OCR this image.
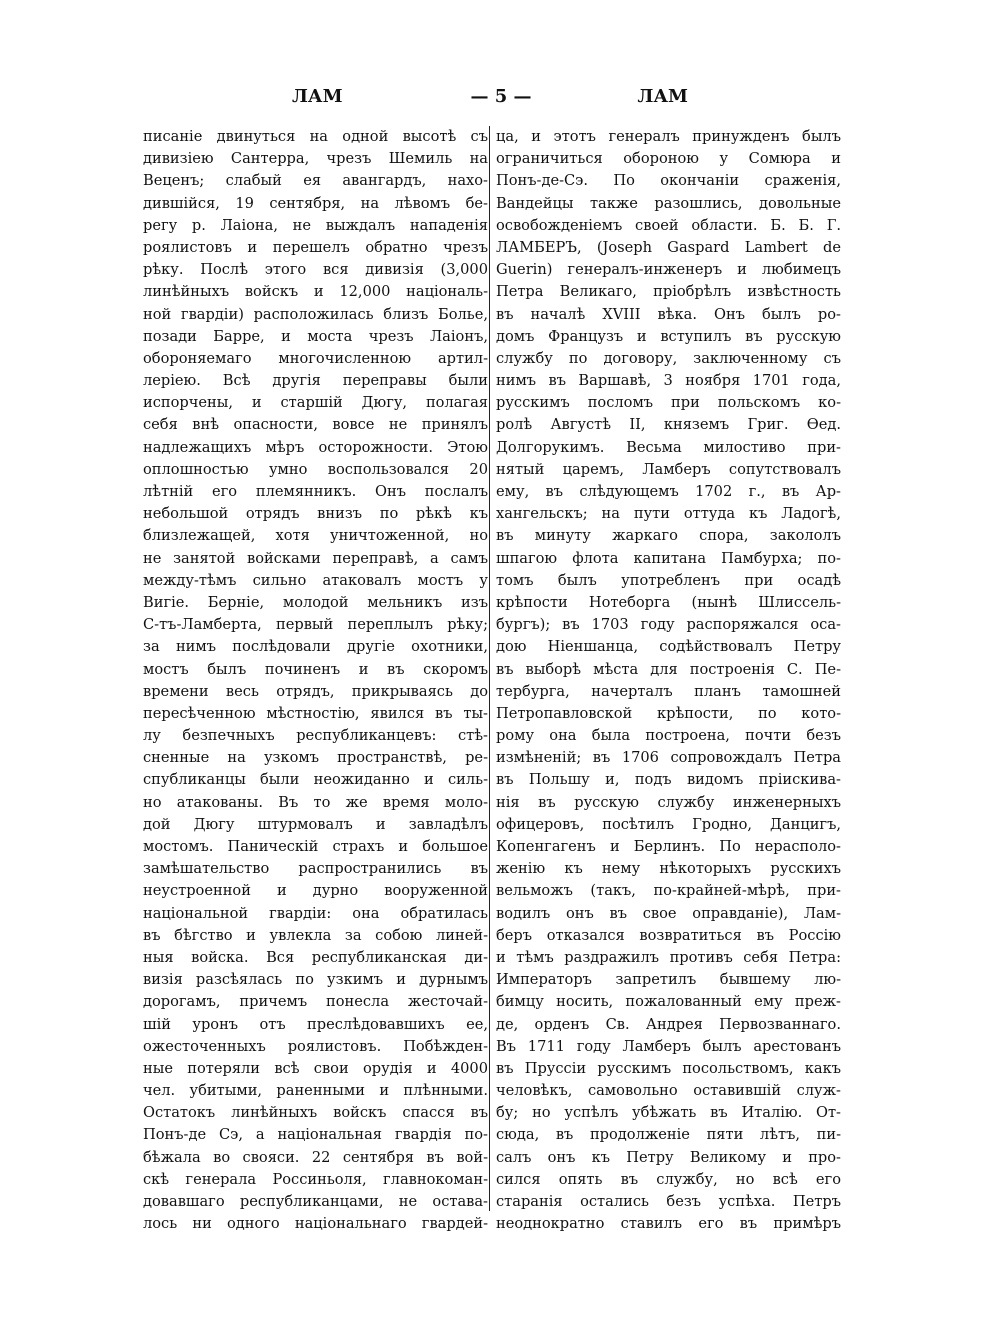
ЛАМ	— 5 —	ЛАМ
писаніе двинуться на одной высотѣ съ
дивизіею Сантерра, чрезъ Шемиль на
Веценъ; слабый ея авангардъ, нахо-
дившійся, 19 сентября, на лѣвомъ бе-
регу р. Лаіона, не выждалъ нападенія
роялистовъ и перешелъ обратно чрезъ
рѣку. Послѣ этого вся дивизія (3,000
линѣйныхъ войскъ и 12,000 національ-
ной гвардіи) расположилась близъ Больe,
позади Барре, и моста чрезъ Лаіонъ,
обороняемаго многочисленною артил-
леріею. Всѣ другія переправы были
испорчены, и старшій Дюгу, полагая
себя внѣ опасности, вовсе не принялъ
надлежащихъ мѣръ осторожности. Этою
оплошностью умно воспользовался 20
лѣтній его племянникъ. Онъ послалъ
небольшой отрядъ внизъ по рѣкѣ къ
близлежащей, хотя уничтоженной, но
не занятой войсками переправѣ, а самъ
между-тѣмъ сильно атаковалъ мостъ у
Вигіе. Берніе, молодой мельникъ изъ
С-тъ-Ламберта, первый переплылъ рѣку;
за нимъ послѣдовали другіе охотники,
мостъ былъ починенъ и въ скоромъ
времени весь отрядъ, прикрываясь до
пересѣченною мѣстностію, явился въ ты-
лу безпечныхъ республиканцевъ: стѣ-
сненные на узкомъ пространствѣ, ре-
спубликанцы были неожиданно и силь-
но атакованы. Въ то же время моло-
дой Дюгу штурмовалъ и завладѣлъ
мостомъ. Паническій страхъ и большое
замѣшательство распространились въ
неустроенной и дурно вооруженной
національной гвардіи: она обратилась
въ бѣгство и увлекла за собою линей-
ныя войска. Вся республиканская ди-
визія разсѣялась по узкимъ и дурнымъ
дорогамъ, причемъ понесла жесточай-
шій уронъ отъ преслѣдовавшихъ ее,
ожесточенныхъ роялистовъ. Побѣжден-
ные потеряли всѣ свои орудія и 4000
чел. убитыми, раненными и плѣнными.
Остатокъ линѣйныхъ войскъ спасся въ
Понъ-де Сэ, а національная гвардія по-
бѣжала во свояси. 22 сентября въ вой-
скѣ генерала Россиньоля, главнокоман-
довавшаго республиканцами, не остава-
лось ни одного національнаго гвардей-
ца, и этотъ генералъ принужденъ былъ
ограничиться обороною у Сомюра и
Понъ-де-Сэ. По окончаніи сраженія,
Вандейцы также разошлись, довольные
освобожденіемъ своей области. Б. Б. Г.
ЛАМБЕРЪ, (Joseph Gaspard Lambert de
Guerin) генералъ-инженеръ и любимецъ
Петра Великаго, пріобрѣлъ извѣстность
въ началѣ XVIII вѣка. Онъ былъ ро-
домъ Французъ и вступилъ въ русскую
службу по договору, заключенному съ
нимъ въ Варшавѣ, 3 ноября 1701 года,
русскимъ посломъ при польскомъ ко-
ролѣ Августѣ II, княземъ Григ. Ѳед.
Долгорукимъ. Весьма милостиво при-
нятый царемъ, Ламберъ сопутствовалъ
ему, въ слѣдующемъ 1702 г., въ Ар-
хангельскъ; на пути оттуда къ Ладогѣ,
въ минуту жаркаго спора, закололъ
шпагою флота капитана Памбурха; по-
томъ былъ употребленъ при осадѣ
крѣпости Нотеборга (нынѣ Шлиссель-
бургъ); въ 1703 году распоряжался оса-
дою Ніеншанца, содѣйствовалъ Петру
въ выборѣ мѣста для построенія С. Пе-
тербурга, начерталъ планъ тамошней
Петропавловской крѣпости, по кото-
рому она была построена, почти безъ
измѣненій; въ 1706 сопровождалъ Петра
въ Польшу и, подъ видомъ пріискива-
нія въ русскую службу инженерныхъ
офицеровъ, посѣтилъ Гродно, Данцигъ,
Копенгагенъ и Берлинъ. По нерасполо-
женію къ нему нѣкоторыхъ русскихъ
вельможъ (такъ, по-крайней-мѣрѣ, при-
водилъ онъ въ свое оправданіе), Лам-
беръ отказался возвратиться въ Россію
и тѣмъ раздражилъ противъ себя Петра:
Императоръ запретилъ бывшему лю-
бимцу носить, пожалованный ему преж-
де, орденъ Св. Андрея Первозваннаго.
Въ 1711 году Ламберъ былъ арестованъ
въ Пруссіи русскимъ посольствомъ, какъ
человѣкъ, самовольно оставившій служ-
бу; но успѣлъ убѣжать въ Италію. От-
сюда, въ продолженіе пяти лѣтъ, пи-
салъ онъ къ Петру Великому и про-
сился опять въ службу, но всѣ его
старанія остались безъ успѣха. Петръ
неоднократно ставилъ его въ примѣръ
